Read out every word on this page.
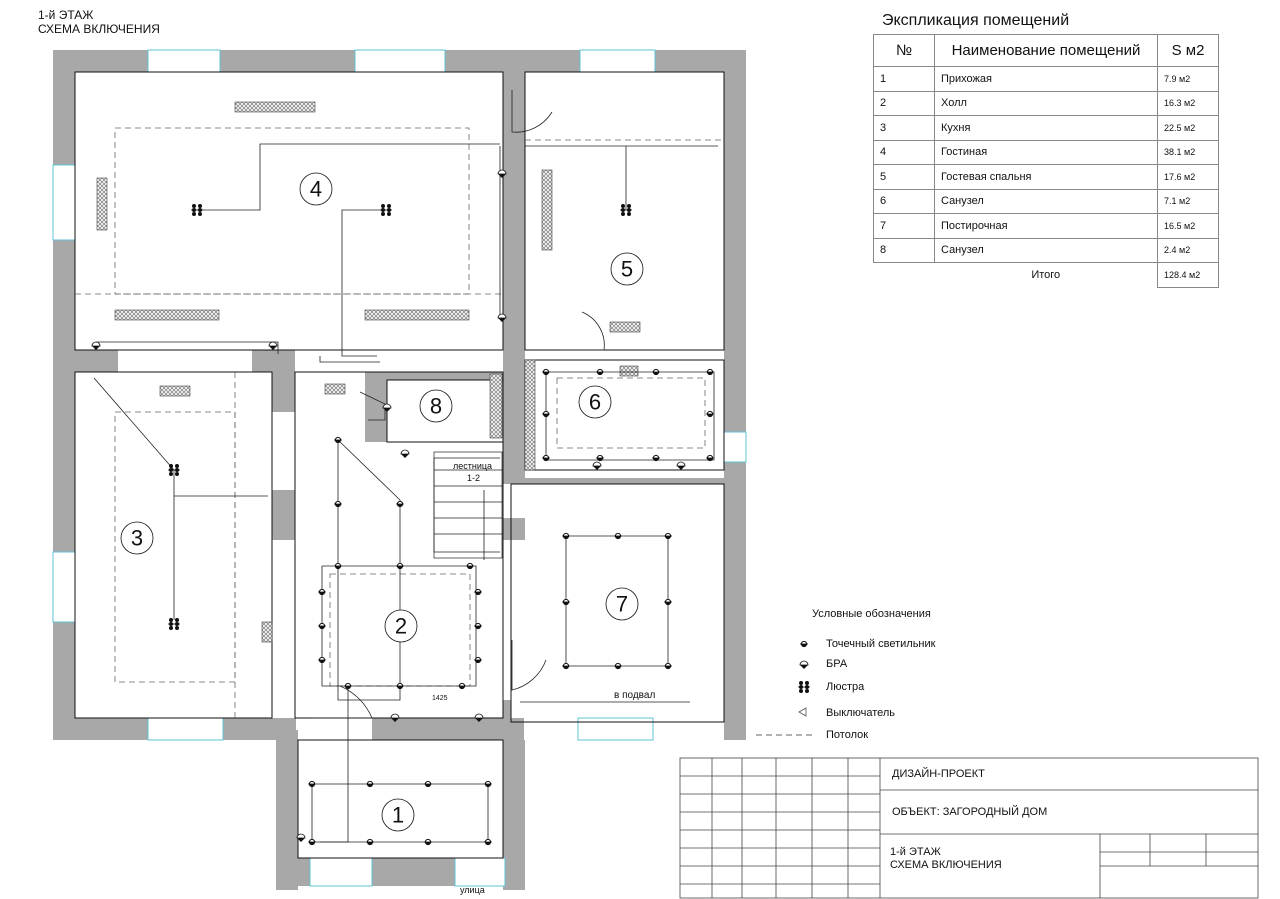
4
5
3
2
8	6
7
1
лестница
1-2
в подвал
улица
1425
1-й ЭТАЖ
СХЕМА ВКЛЮЧЕНИЯ	Экспликация помещений
№	Наименование помещений	S м2
1	Прихожая	7.9 м2
2	Холл	16.3 м2
3	Кухня	22.5 м2
4	Гостиная	38.1 м2
5	Гостевая спальня	17.6 м2
6	Санузел	7.1 м2
7	Постирочная	16.5 м2
8	Санузел	2.4 м2
	Итого	128.4 м2
Условные обозначения
Точечный светильник
БРА
Люстра
Выключатель
Потолок
ДИЗАЙН-ПРОЕКТ
ОБЪЕКТ: ЗАГОРОДНЫЙ ДОМ
1-й ЭТАЖ
СХЕМА ВКЛЮЧЕНИЯ
